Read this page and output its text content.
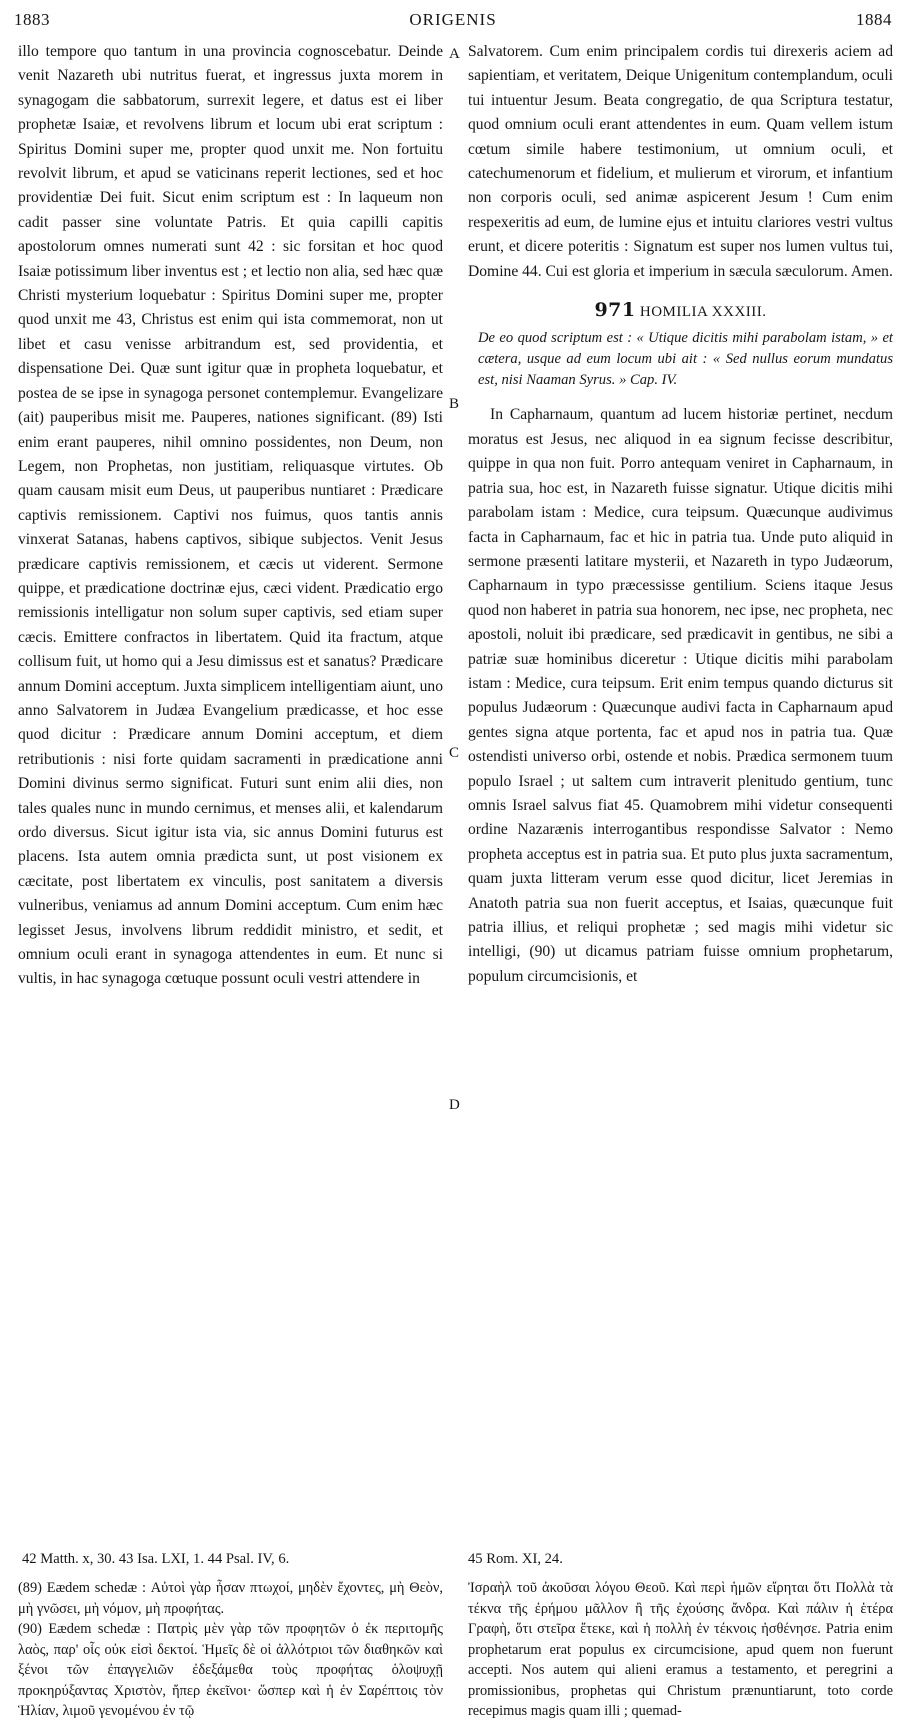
1883	ORIGENIS	1884
A
B
C
D

illo tempore quo tantum in una provincia cognoscebatur. Deinde venit Nazareth ubi nutritus fuerat, et ingressus juxta morem in synagogam die sabbatorum, surrexit legere, et datus est ei liber prophetæ Isaiæ, et revolvens librum et locum ubi erat scriptum : Spiritus Domini super me, propter quod unxit me. Non fortuitu revolvit librum, et apud se vaticinans reperit lectiones, sed et hoc providentiæ Dei fuit. Sicut enim scriptum est : In laqueum non cadit passer sine voluntate Patris. Et quia capilli capitis apostolorum omnes numerati sunt 42 : sic forsitan et hoc quod Isaiæ potissimum liber inventus est ; et lectio non alia, sed hæc quæ Christi mysterium loquebatur : Spiritus Domini super me, propter quod unxit me 43, Christus est enim qui ista commemorat, non ut libet et casu venisse arbitrandum est, sed providentia, et dispensatione Dei. Quæ sunt igitur quæ in propheta loquebatur, et postea de se ipse in synagoga personet contemplemur. Evangelizare (ait) pauperibus misit me. Pauperes, nationes significant. (89) Isti enim erant pauperes, nihil omnino possidentes, non Deum, non Legem, non Prophetas, non justitiam, reliquasque virtutes. Ob quam causam misit eum Deus, ut pauperibus nuntiaret : Prædicare captivis remissionem. Captivi nos fuimus, quos tantis annis vinxerat Satanas, habens captivos, sibique subjectos. Venit Jesus prædicare captivis remissionem, et cæcis ut viderent. Sermone quippe, et prædicatione doctrinæ ejus, cæci vident. Prædicatio ergo remissionis intelligatur non solum super captivis, sed etiam super cæcis. Emittere confractos in libertatem. Quid ita fractum, atque collisum fuit, ut homo qui a Jesu dimissus est et sanatus? Prædicare annum Domini acceptum. Juxta simplicem intelligentiam aiunt, uno anno Salvatorem in Judæa Evangelium prædicasse, et hoc esse quod dicitur : Prædicare annum Domini acceptum, et diem retributionis : nisi forte quidam sacramenti in prædicatione anni Domini divinus sermo significat. Futuri sunt enim alii dies, non tales quales nunc in mundo cernimus, et menses alii, et kalendarum ordo diversus. Sicut igitur ista via, sic annus Domini futurus est placens. Ista autem omnia prædicta sunt, ut post visionem ex cæcitate, post libertatem ex vinculis, post sanitatem a diversis vulneribus, veniamus ad annum Domini acceptum. Cum enim hæc legisset Jesus, involvens librum reddidit ministro, et sedit, et omnium oculi erant in synagoga attendentes in eum. Et nunc si vultis, in hac synagoga cœtuque possunt oculi vestri attendere in

Salvatorem. Cum enim principalem cordis tui direxeris aciem ad sapientiam, et veritatem, Deique Unigenitum contemplandum, oculi tui intuentur Jesum. Beata congregatio, de qua Scriptura testatur, quod omnium oculi erant attendentes in eum. Quam vellem istum cœtum simile habere testimonium, ut omnium oculi, et catechumenorum et fidelium, et mulierum et virorum, et infantium non corporis oculi, sed animæ aspicerent Jesum ! Cum enim respexeritis ad eum, de lumine ejus et intuitu clariores vestri vultus erunt, et dicere poteritis : Signatum est super nos lumen vultus tui, Domine 44. Cui est gloria et imperium in sæcula sæculorum. Amen.

971 HOMILIA XXXIII.

De eo quod scriptum est : « Utique dicitis mihi parabolam istam, » et cætera, usque ad eum locum ubi ait : « Sed nullus eorum mundatus est, nisi Naaman Syrus. » Cap. IV.

In Capharnaum, quantum ad lucem historiæ pertinet, necdum moratus est Jesus, nec aliquod in ea signum fecisse describitur, quippe in qua non fuit. Porro antequam veniret in Capharnaum, in patria sua, hoc est, in Nazareth fuisse signatur. Utique dicitis mihi parabolam istam : Medice, cura teipsum. Quæcunque audivimus facta in Capharnaum, fac et hic in patria tua. Unde puto aliquid in sermone præsenti latitare mysterii, et Nazareth in typo Judæorum, Capharnaum in typo præcessisse gentilium. Sciens itaque Jesus quod non haberet in patria sua honorem, nec ipse, nec propheta, nec apostoli, noluit ibi prædicare, sed prædicavit in gentibus, ne sibi a patriæ suæ hominibus diceretur : Utique dicitis mihi parabolam istam : Medice, cura teipsum. Erit enim tempus quando dicturus sit populus Judæorum : Quæcunque audivi facta in Capharnaum apud gentes signa atque portenta, fac et apud nos in patria tua. Quæ ostendisti universo orbi, ostende et nobis. Prædica sermonem tuum populo Israel ; ut saltem cum intraverit plenitudo gentium, tunc omnis Israel salvus fiat 45. Quamobrem mihi videtur consequenti ordine Nazarænis interrogantibus respondisse Salvator : Nemo propheta acceptus est in patria sua. Et puto plus juxta sacramentum, quam juxta litteram verum esse quod dicitur, licet Jeremias in Anatoth patria sua non fuerit acceptus, et Isaias, quæcunque fuit patria illius, et reliqui prophetæ ; sed magis mihi videtur sic intelligi, (90) ut dicamus patriam fuisse omnium prophetarum, populum circumcisionis, et

42 Matth. x, 30. 43 Isa. LXI, 1. 44 Psal. IV, 6.	45 Rom. XI, 24.

(89) Eædem schedæ : Αὐτοὶ γὰρ ἦσαν πτωχοί, μηδὲν ἔχοντες, μὴ Θεὸν, μὴ γνῶσει, μὴ νόμον, μὴ προφήτας.

(90) Eædem schedæ : Πατρὶς μὲν γὰρ τῶν προφητῶν ὁ ἐκ περιτομῆς λαὸς, παρ' οἷς οὐκ εἰσὶ δεκτοί. Ἡμεῖς δὲ οἱ ἀλλότριοι τῶν διαθηκῶν καὶ ξένοι τῶν ἐπαγγελιῶν ἐδεξάμεθα τοὺς προφήτας ὁλοψυχῇ προκηρύξαντας Χριστὸν, ἤπερ ἐκεῖνοι· ὥσπερ καὶ ἡ ἐν Σαρέπτοις τὸν Ἡλίαν, λιμοῦ γενομένου ἐν τῷ

Ἰσραὴλ τοῦ ἀκοῦσαι λόγου Θεοῦ. Καὶ περὶ ἡμῶν εἴρηται ὅτι Πολλὰ τὰ τέκνα τῆς ἐρήμου μᾶλλον ἢ τῆς ἐχούσης ἄνδρα. Καὶ πάλιν ἡ ἑτέρα Γραφὴ, ὅτι στεῖρα ἔτεκε, καὶ ἡ πολλὴ ἐν τέκνοις ἠσθένησε. Patria enim prophetarum erat populus ex circumcisione, apud quem non fuerunt accepti. Nos autem qui alieni eramus a testamento, et peregrini a promissionibus, prophetas qui Christum prænuntiarunt, toto corde recepimus magis quam illi ; quemad-
